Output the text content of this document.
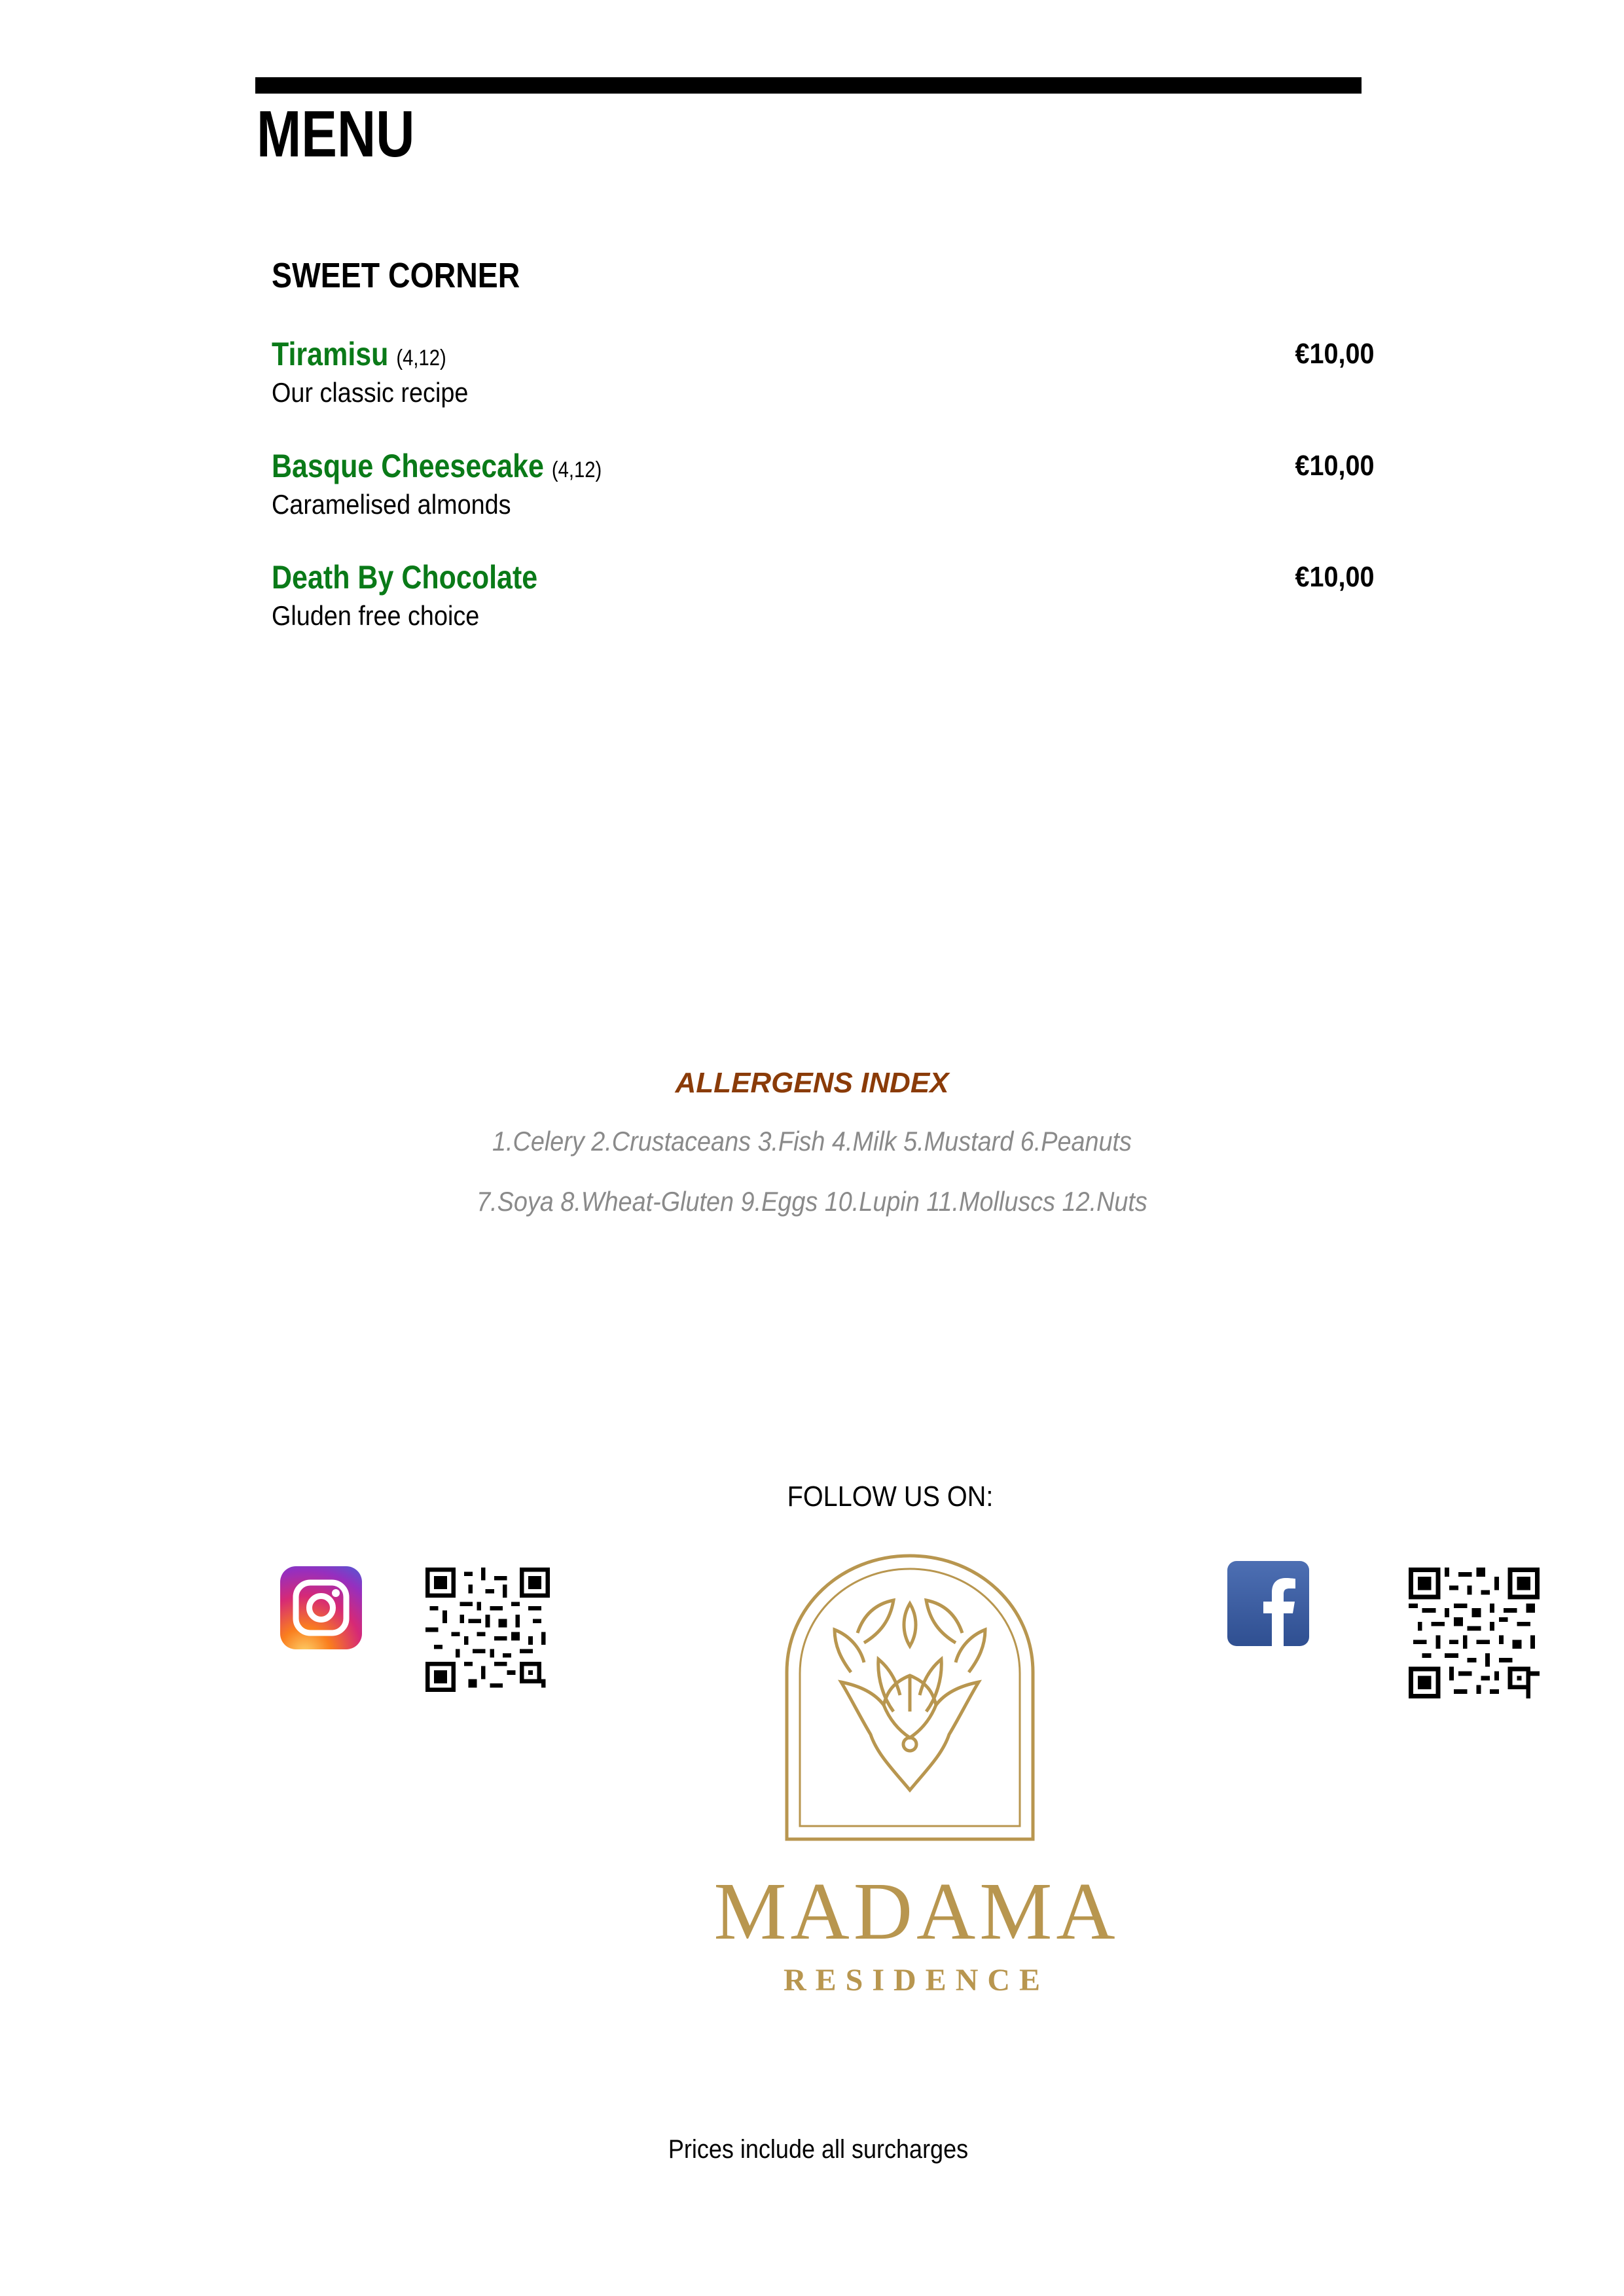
MENU
SWEET CORNER
Tiramisu (4,12)
Our classic recipe
€10,00
Basque Cheesecake (4,12)
Caramelised almonds
€10,00
Death By Chocolate
Gluden free choice
€10,00
ALLERGENS INDEX
1.Celery 2.Crustaceans 3.Fish 4.Milk 5.Mustard 6.Peanuts
7.Soya 8.Wheat-Gluten 9.Eggs 10.Lupin 11.Molluscs 12.Nuts
FOLLOW US ON:
MADAMA
RESIDENCE
Prices include all surcharges
